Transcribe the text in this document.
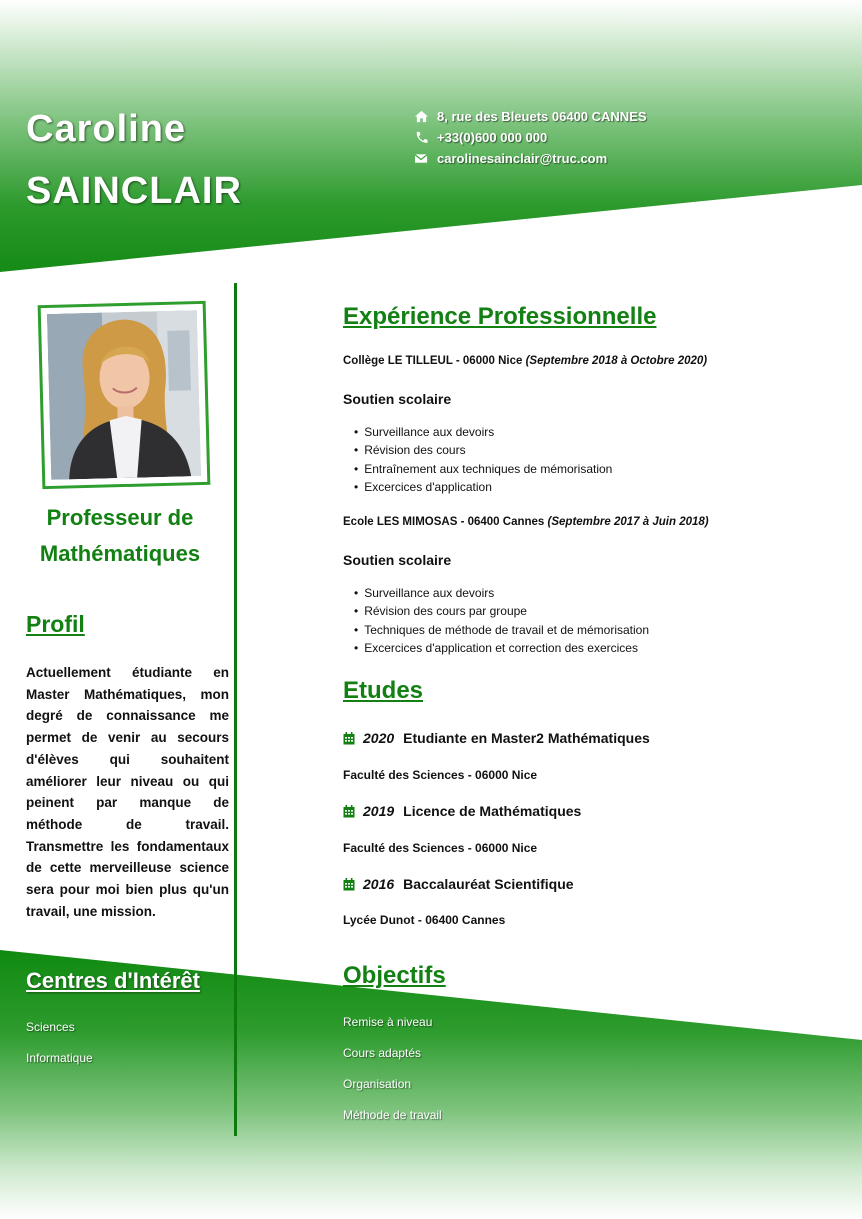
Caroline
SAINCLAIR
8, rue des Bleuets 06400 CANNES
+33(0)600 000 000
carolinesainclair@truc.com
Professeur de
Mathématiques
Profil

Actuellement étudiante en Master Mathématiques, mon degré de connaissance me permet de venir au secours d'élèves qui souhaitent améliorer leur niveau ou qui peinent par manque de méthode de travail. Transmettre les fondamentaux de cette merveilleuse science sera pour moi bien plus qu'un travail, une mission.

Centres d'Intérêt
Sciences
Informatique
Expérience Professionnelle

Collège LE TILLEUL - 06000 Nice (Septembre 2018 à Octobre 2020)

Soutien scolaire

• Surveillance aux devoirs
• Révision des cours
• Entraînement aux techniques de mémorisation
• Excercices d'application

Ecole LES MIMOSAS - 06400 Cannes (Septembre 2017 à Juin 2018)

Soutien scolaire

• Surveillance aux devoirs
• Révision des cours par groupe
• Techniques de méthode de travail et de mémorisation
• Excercices d'application et correction des exercices
Etudes
2020 Etudiante en Master2 Mathématiques

Faculté des Sciences - 06000 Nice

2019 Licence de Mathématiques

Faculté des Sciences - 06000 Nice

2016 Baccalauréat Scientifique

Lycée Dunot - 06400 Cannes

Objectifs
Remise à niveau
Cours adaptés
Organisation
Méthode de travail
